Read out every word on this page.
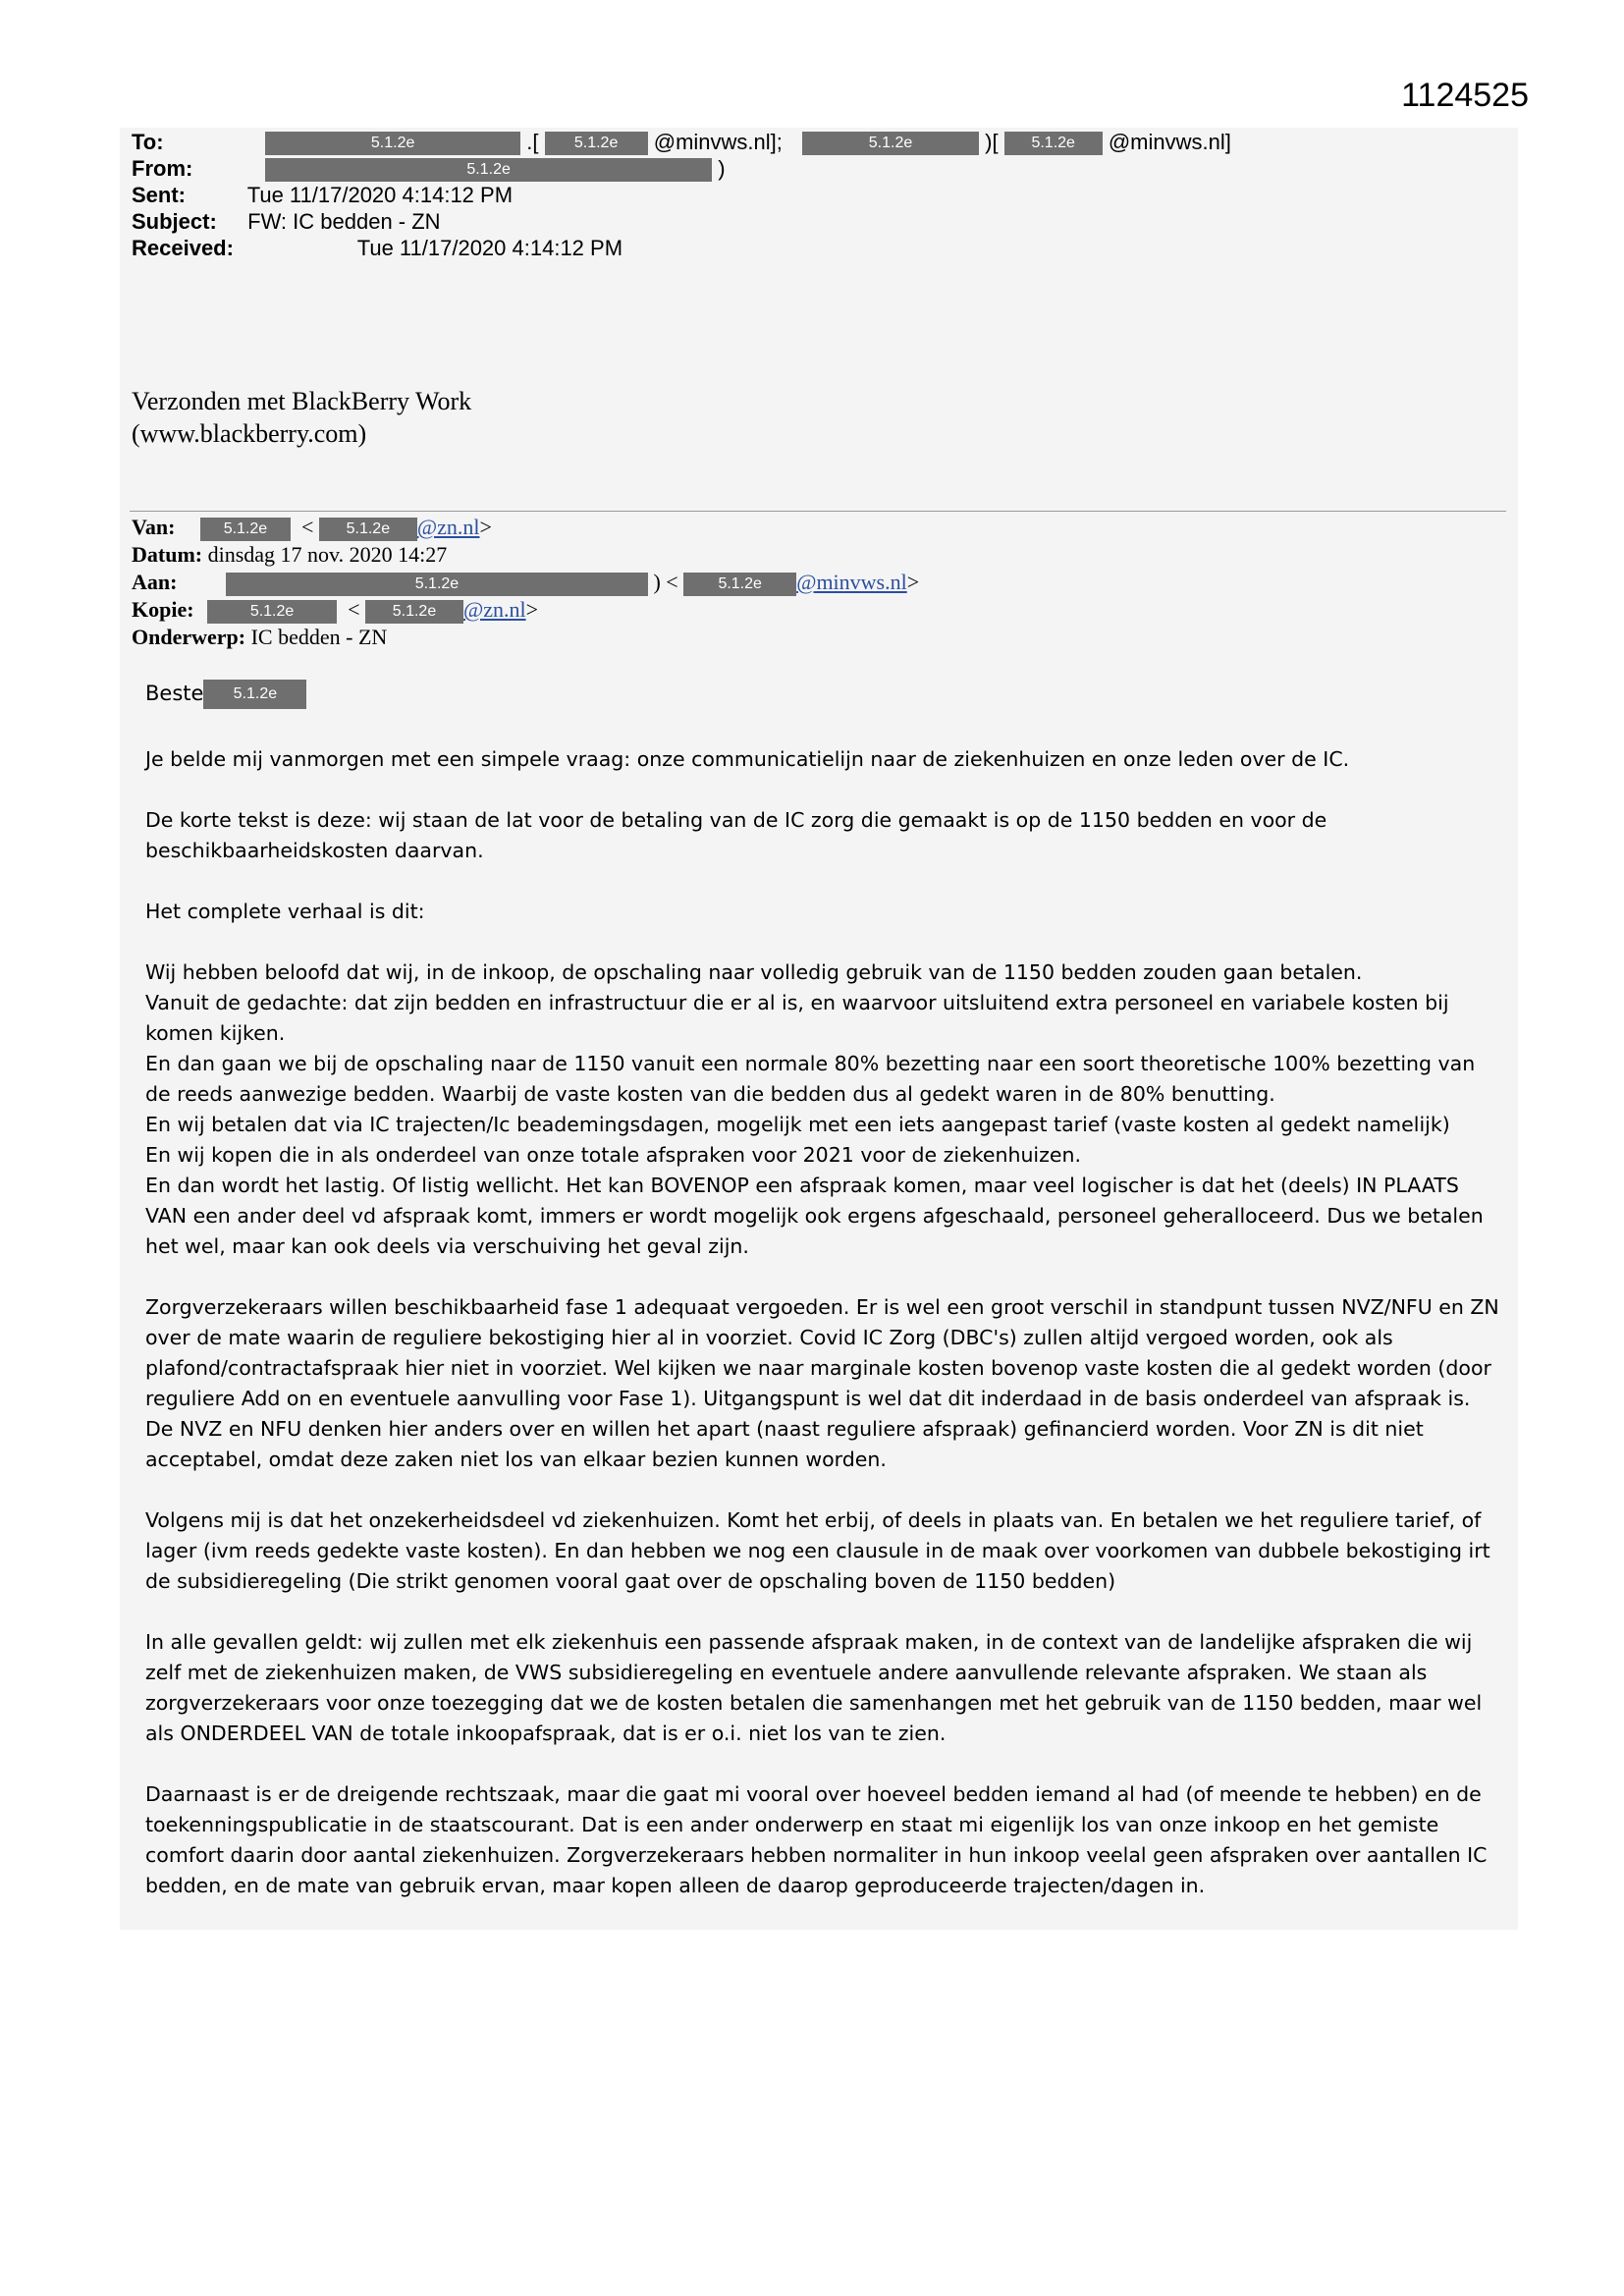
1124525
To:	5.1.2e	.[ 5.1.2e @minvws.nl];	5.1.2e	)[ 5.1.2e @minvws.nl]
From:	5.1.2e	)
Sent:	Tue 11/17/2020 4:14:12 PM
Subject: FW: IC bedden - ZN
Received:	Tue 11/17/2020 4:14:12 PM
Verzonden met BlackBerry Work
(www.blackberry.com)
Van:	5.1.2e  < 5.1.2e @zn.nl>
Datum: dinsdag 17 nov. 2020 14:27
Aan:	5.1.2e	) <	5.1.2e @minvws.nl>
Kopie:	5.1.2e  < 5.1.2e @zn.nl>
Onderwerp: IC bedden - ZN
Beste 5.1.2e

Je belde mij vanmorgen met een simpele vraag: onze communicatielijn naar de ziekenhuizen en onze leden over de IC.

De korte tekst is deze: wij staan de lat voor de betaling van de IC zorg die gemaakt is op de 1150 bedden en voor de beschikbaarheidskosten daarvan.

Het complete verhaal is dit:

Wij hebben beloofd dat wij, in de inkoop, de opschaling naar volledig gebruik van de 1150 bedden zouden gaan betalen.
Vanuit de gedachte: dat zijn bedden en infrastructuur die er al is, en waarvoor uitsluitend extra personeel en variabele kosten bij komen kijken.
En dan gaan we bij de opschaling naar de 1150 vanuit een normale 80% bezetting naar een soort theoretische 100% bezetting van de reeds aanwezige bedden. Waarbij de vaste kosten van die bedden dus al gedekt waren in de 80% benutting.
En wij betalen dat via IC trajecten/Ic beademingsdagen, mogelijk met een iets aangepast tarief (vaste kosten al gedekt namelijk)
En wij kopen die in als onderdeel van onze totale afspraken voor 2021 voor de ziekenhuizen.
En dan wordt het lastig. Of listig wellicht. Het kan BOVENOP een afspraak komen, maar veel logischer is dat het (deels) IN PLAATS VAN een ander deel vd afspraak komt, immers er wordt mogelijk ook ergens afgeschaald, personeel geheralloceerd. Dus we betalen het wel, maar kan ook deels via verschuiving het geval zijn.

Zorgverzekeraars willen beschikbaarheid fase 1 adequaat vergoeden. Er is wel een groot verschil in standpunt tussen NVZ/NFU en ZN over de mate waarin de reguliere bekostiging hier al in voorziet. Covid IC Zorg (DBC's) zullen altijd vergoed worden, ook als plafond/contractafspraak hier niet in voorziet. Wel kijken we naar marginale kosten bovenop vaste kosten die al gedekt worden (door reguliere Add on en eventuele aanvulling voor Fase 1). Uitgangspunt is wel dat dit inderdaad in de basis onderdeel van afspraak is. De NVZ en NFU denken hier anders over en willen het apart (naast reguliere afspraak) gefinancierd worden. Voor ZN is dit niet acceptabel, omdat deze zaken niet los van elkaar bezien kunnen worden.

Volgens mij is dat het onzekerheidsdeel vd ziekenhuizen. Komt het erbij, of deels in plaats van. En betalen we het reguliere tarief, of lager (ivm reeds gedekte vaste kosten). En dan hebben we nog een clausule in de maak over voorkomen van dubbele bekostiging irt de subsidieregeling (Die strikt genomen vooral gaat over de opschaling boven de 1150 bedden)

In alle gevallen geldt: wij zullen met elk ziekenhuis een passende afspraak maken, in de context van de landelijke afspraken die wij zelf met de ziekenhuizen maken, de VWS subsidieregeling en eventuele andere aanvullende relevante afspraken. We staan als zorgverzekeraars voor onze toezegging dat we de kosten betalen die samenhangen met het gebruik van de 1150 bedden, maar wel als ONDERDEEL VAN de totale inkoopafspraak, dat is er o.i. niet los van te zien.

Daarnaast is er de dreigende rechtszaak, maar die gaat mi vooral over hoeveel bedden iemand al had (of meende te hebben) en de toekenningspublicatie in de staatscourant. Dat is een ander onderwerp en staat mi eigenlijk los van onze inkoop en het gemiste comfort daarin door aantal ziekenhuizen. Zorgverzekeraars hebben normaliter in hun inkoop veelal geen afspraken over aantallen IC bedden, en de mate van gebruik ervan, maar kopen alleen de daarop geproduceerde trajecten/dagen in.
